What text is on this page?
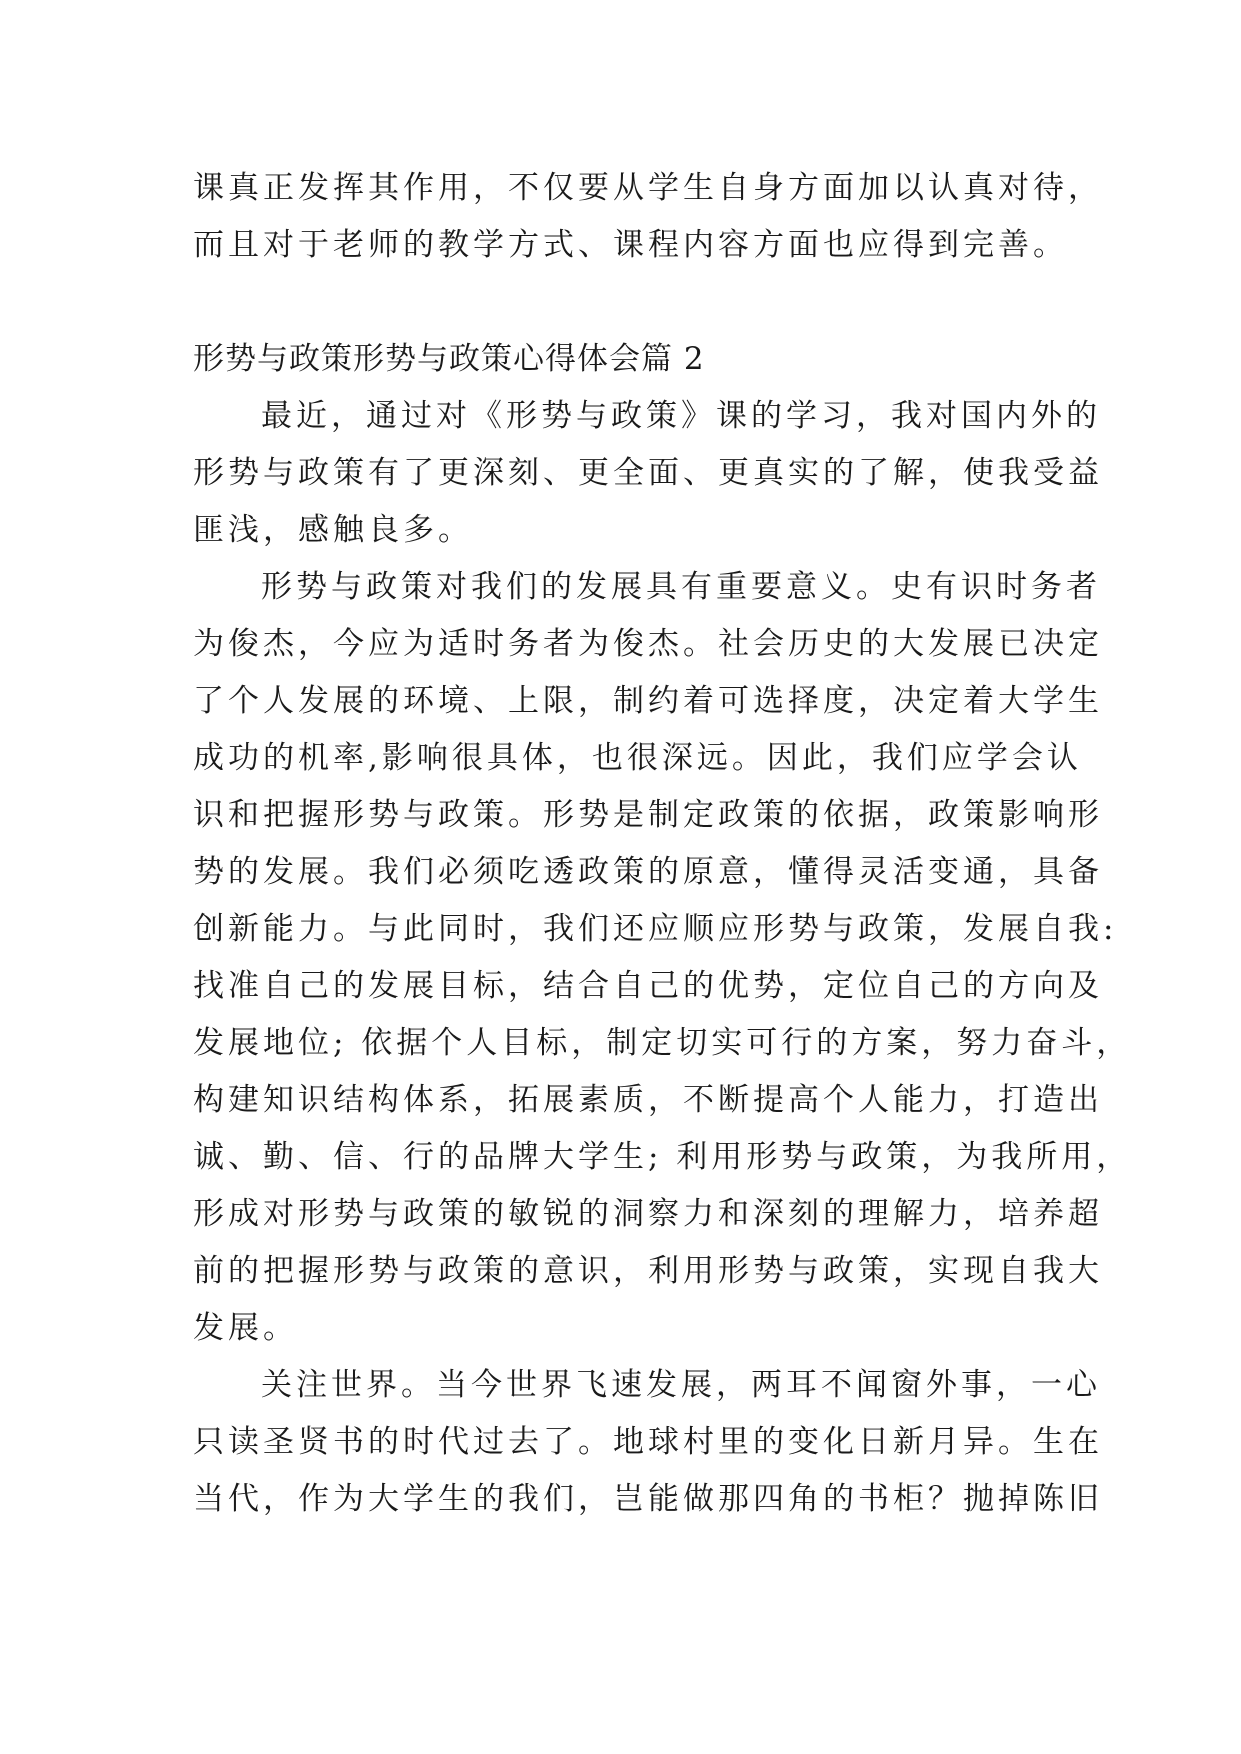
课真正发挥其作用，不仅要从学生自身方面加以认真对待，
而且对于老师的教学方式、课程内容方面也应得到完善。
形势与政策形势与政策心得体会篇 2
最近，通过对《形势与政策》课的学习，我对国内外的
形势与政策有了更深刻、更全面、更真实的了解，使我受益
匪浅，感触良多。
形势与政策对我们的发展具有重要意义。史有识时务者
为俊杰，今应为适时务者为俊杰。社会历史的大发展已决定
了个人发展的环境、上限，制约着可选择度，决定着大学生
成功的机率,影响很具体，也很深远。因此，我们应学会认
识和把握形势与政策。形势是制定政策的依据，政策影响形
势的发展。我们必须吃透政策的原意，懂得灵活变通，具备
创新能力。与此同时，我们还应顺应形势与政策，发展自我:
找准自己的发展目标，结合自己的优势，定位自己的方向及
发展地位; 依据个人目标，制定切实可行的方案，努力奋斗，
构建知识结构体系，拓展素质，不断提高个人能力，打造出
诚、勤、信、行的品牌大学生; 利用形势与政策，为我所用，
形成对形势与政策的敏锐的洞察力和深刻的理解力，培养超
前的把握形势与政策的意识，利用形势与政策，实现自我大
发展。
关注世界。当今世界飞速发展，两耳不闻窗外事，一心
只读圣贤书的时代过去了。地球村里的变化日新月异。生在
当代，作为大学生的我们，岂能做那四角的书柜？抛掉陈旧
